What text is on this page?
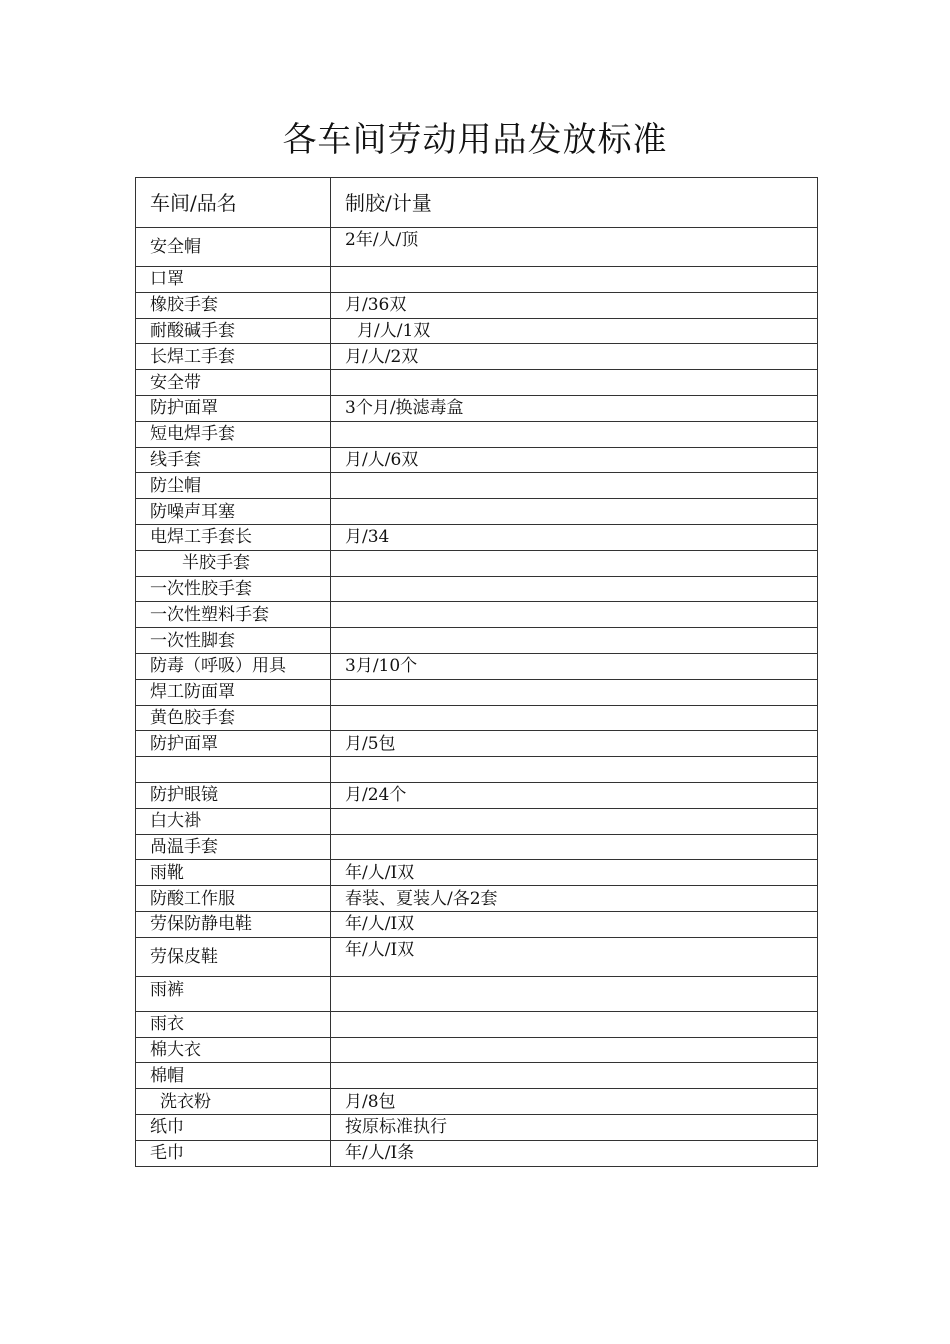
各车间劳动用品发放标准
车间/品名	制胶/计量
安全帽	2年/人/顶
口罩	
橡胶手套	月/36双
耐酸碱手套	月/人/1双
长焊工手套	月/人/2双
安全带	
防护面罩	3个月/换滤毒盒
短电焊手套	
线手套	月/人/6双
防尘帽	
防噪声耳塞	
电焊工手套长	月/34
半胶手套	
一次性胶手套	
一次性塑料手套	
一次性脚套	
防毒（呼吸）用具	3月/10个
焊工防面罩	
黄色胶手套	
防护面罩	月/5包

防护眼镜	月/24个
白大褂	
咼温手套	
雨靴	年/人/I双
防酸工作服	春装、夏装人/各2套
劳保防静电鞋	年/人/I双
劳保皮鞋	年/人/I双
雨裤	
雨衣	
棉大衣	
棉帽	
洗衣粉	月/8包
纸巾	按原标准执行
毛巾	年/人/I条
